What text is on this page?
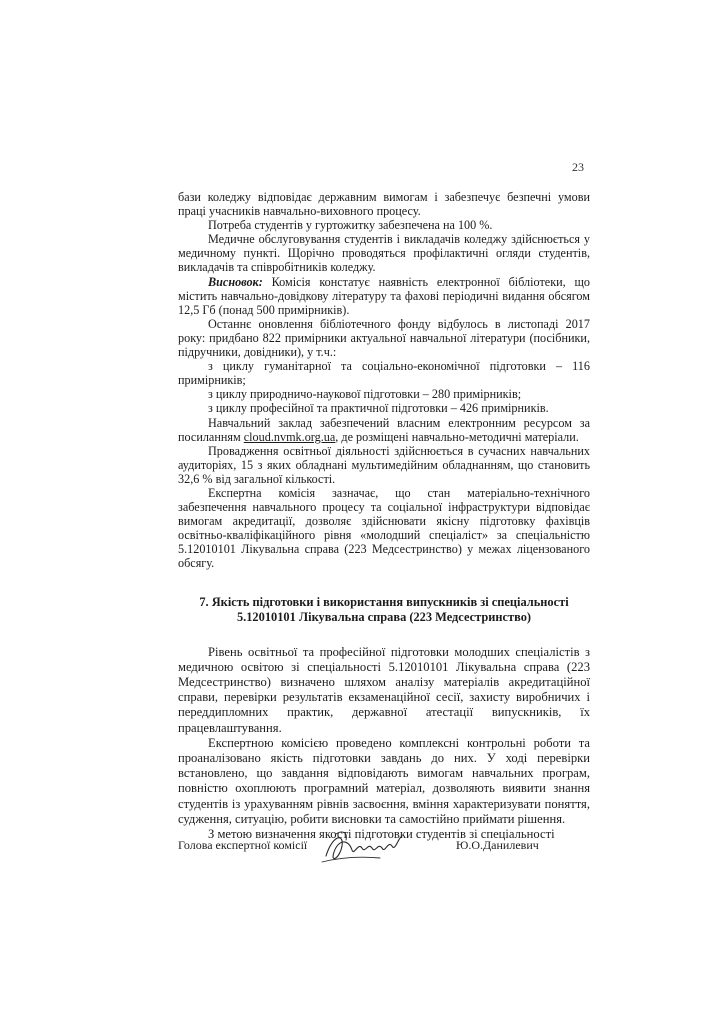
23

бази коледжу відповідає державним вимогам і забезпечує безпечні умови праці учасників навчально-виховного процесу.

Потреба студентів у гуртожитку забезпечена на 100 %.

Медичне обслуговування студентів і викладачів коледжу здійснюється у медичному пункті. Щорічно проводяться профілактичні огляди студентів, викладачів та співробітників коледжу.

Висновок: Комісія констатує наявність електронної бібліотеки, що містить навчально-довідкову літературу та фахові періодичні видання обсягом 12,5 Гб (понад 500 примірників).

Останнє оновлення бібліотечного фонду відбулось в листопаді 2017 року: придбано 822 примірники актуальної навчальної літератури (посібники, підручники, довідники), у т.ч.:

з циклу гуманітарної та соціально-економічної підготовки – 116 примірників;

з циклу природничо-наукової підготовки – 280 примірників;

з циклу професійної та практичної підготовки – 426 примірників.

Навчальний заклад забезпечений власним електронним ресурсом за посиланням cloud.nvmk.org.ua, де розміщені навчально-методичні матеріали.

Провадження освітньої діяльності здійснюється в сучасних навчальних аудиторіях, 15 з яких обладнані мультимедійним обладнанням, що становить 32,6 % від загальної кількості.

Експертна комісія зазначає, що стан матеріально-технічного забезпечення навчального процесу та соціальної інфраструктури відповідає вимогам акредитації, дозволяє здійснювати якісну підготовку фахівців освітньо-кваліфікаційного рівня «молодший спеціаліст» за спеціальністю 5.12010101 Лікувальна справа (223 Медсестринство) у межах ліцензованого обсягу.

7. Якість підготовки і використання випускників зі спеціальності
5.12010101 Лікувальна справа (223 Медсестринство)

Рівень освітньої та професійної підготовки молодших спеціалістів з медичною освітою зі спеціальності 5.12010101 Лікувальна справа (223 Медсестринство) визначено шляхом аналізу матеріалів акредитаційної справи, перевірки результатів екзаменаційної сесії, захисту виробничих і переддипломних практик, державної атестації випускників, їх працевлаштування.

Експертною комісією проведено комплексні контрольні роботи та проаналізовано якість підготовки завдань до них. У ході перевірки встановлено, що завдання відповідають вимогам навчальних програм, повністю охоплюють програмний матеріал, дозволяють виявити знання студентів із урахуванням рівнів засвоєння, вміння характеризувати поняття, судження, ситуацію, робити висновки та самостійно приймати рішення.

З метою визначення якості підготовки студентів зі спеціальності

Голова експертної комісії	Ю.О.Данилевич
